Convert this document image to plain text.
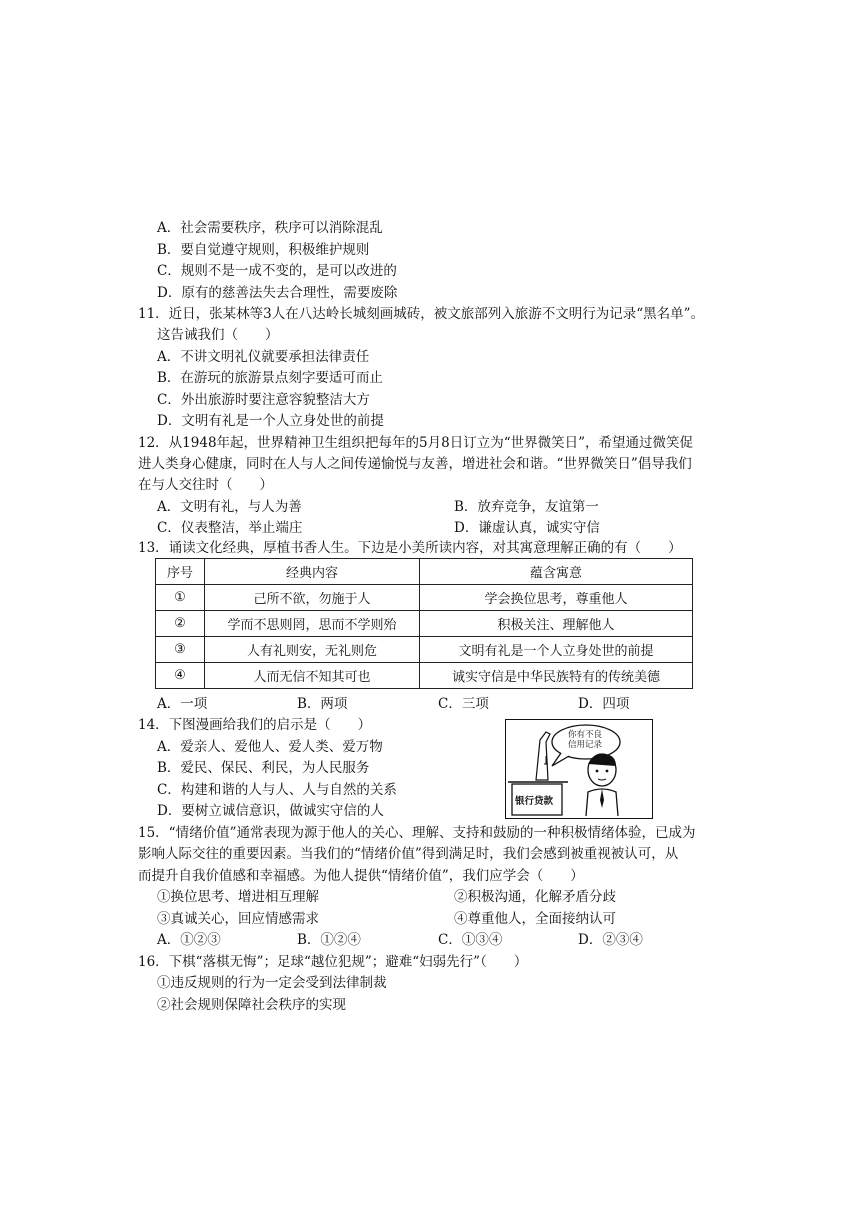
A．社会需要秩序，秩序可以消除混乱
B．要自觉遵守规则，积极维护规则
C．规则不是一成不变的，是可以改进的
D．原有的慈善法失去合理性，需要废除
11．近日，张某林等3人在八达岭长城刻画城砖，被文旅部列入旅游不文明行为记录“黑名单”。
这告诫我们（　　）
A．不讲文明礼仪就要承担法律责任
B．在游玩的旅游景点刻字要适可而止
C．外出旅游时要注意容貌整洁大方
D．文明有礼是一个人立身处世的前提
12．从1948年起，世界精神卫生组织把每年的5月8日订立为“世界微笑日”，希望通过微笑促
进人类身心健康，同时在人与人之间传递愉悦与友善，增进社会和谐。“世界微笑日”倡导我们
在与人交往时（　　）
A．文明有礼，与人为善	B．放弃竞争，友谊第一
C．仪表整洁，举止端庄	D．谦虚认真，诚实守信
13．诵读文化经典，厚植书香人生。下边是小美所读内容，对其寓意理解正确的有（　　）
序号	经典内容	蕴含寓意
①	己所不欲，勿施于人	学会换位思考，尊重他人
②	学而不思则罔，思而不学则殆	积极关注、理解他人
③	人有礼则安，无礼则危	文明有礼是一个人立身处世的前提
④	人而无信不知其可也	诚实守信是中华民族特有的传统美德
A．一项	B．两项	C．三项	D．四项
14．下图漫画给我们的启示是（　　）
A．爱亲人、爱他人、爱人类、爱万物
B．爱民、保民、利民，为人民服务
C．构建和谐的人与人、人与自然的关系
D．要树立诚信意识，做诚实守信的人
你有不良
信用记录
银行贷款
15．“情绪价值”通常表现为源于他人的关心、理解、支持和鼓励的一种积极情绪体验，已成为
影响人际交往的重要因素。当我们的“情绪价值”得到满足时，我们会感到被重视被认可，从
而提升自我价值感和幸福感。为他人提供“情绪价值”，我们应学会（　　）
①换位思考、增进相互理解	②积极沟通，化解矛盾分歧
③真诚关心，回应情感需求	④尊重他人，全面接纳认可
A．①②③	B．①②④	C．①③④	D．②③④
16．下棋“落棋无悔”；足球“越位犯规”；避难“妇弱先行”（　　）
①违反规则的行为一定会受到法律制裁
②社会规则保障社会秩序的实现
